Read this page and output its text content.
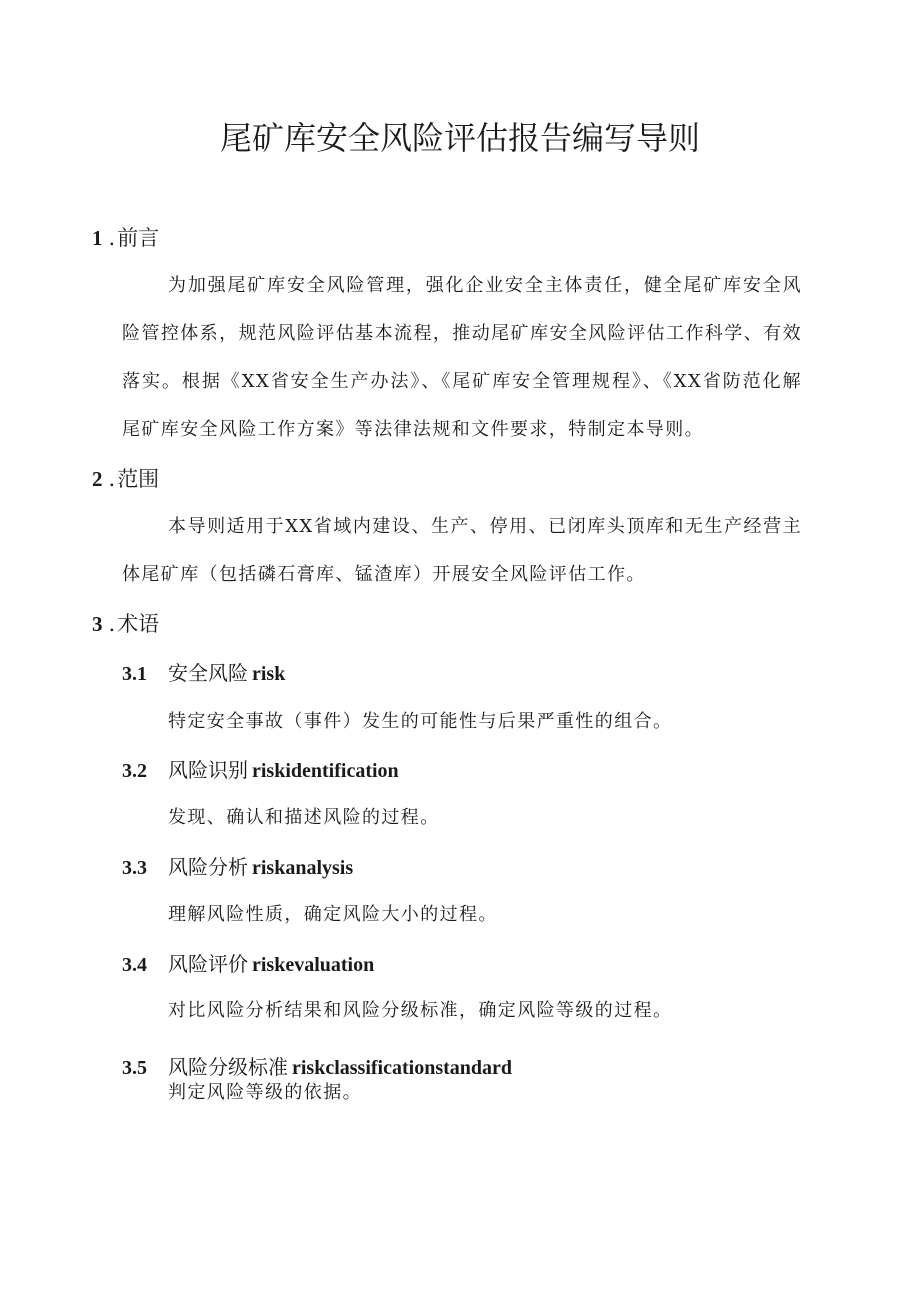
尾矿库安全风险评估报告编写导则
1 .前言
为加强尾矿库安全风险管理，强化企业安全主体责任，健全尾矿库安全风险管控体系，规范风险评估基本流程，推动尾矿库安全风险评估工作科学、有效落实。根据《XX省安全生产办法》、《尾矿库安全管理规程》、《XX省防范化解尾矿库安全风险工作方案》等法律法规和文件要求，特制定本导则。
2 .范围
本导则适用于XX省域内建设、生产、停用、已闭库头顶库和无生产经营主体尾矿库（包括磷石膏库、锰渣库）开展安全风险评估工作。
3 .术语
3.1 安全风险 risk
特定安全事故（事件）发生的可能性与后果严重性的组合。
3.2 风险识别 riskidentification
发现、确认和描述风险的过程。
3.3 风险分析 riskanalysis
理解风险性质，确定风险大小的过程。
3.4 风险评价 riskevaluation
对比风险分析结果和风险分级标准，确定风险等级的过程。
3.5 风险分级标准 riskclassificationstandard
判定风险等级的依据。
